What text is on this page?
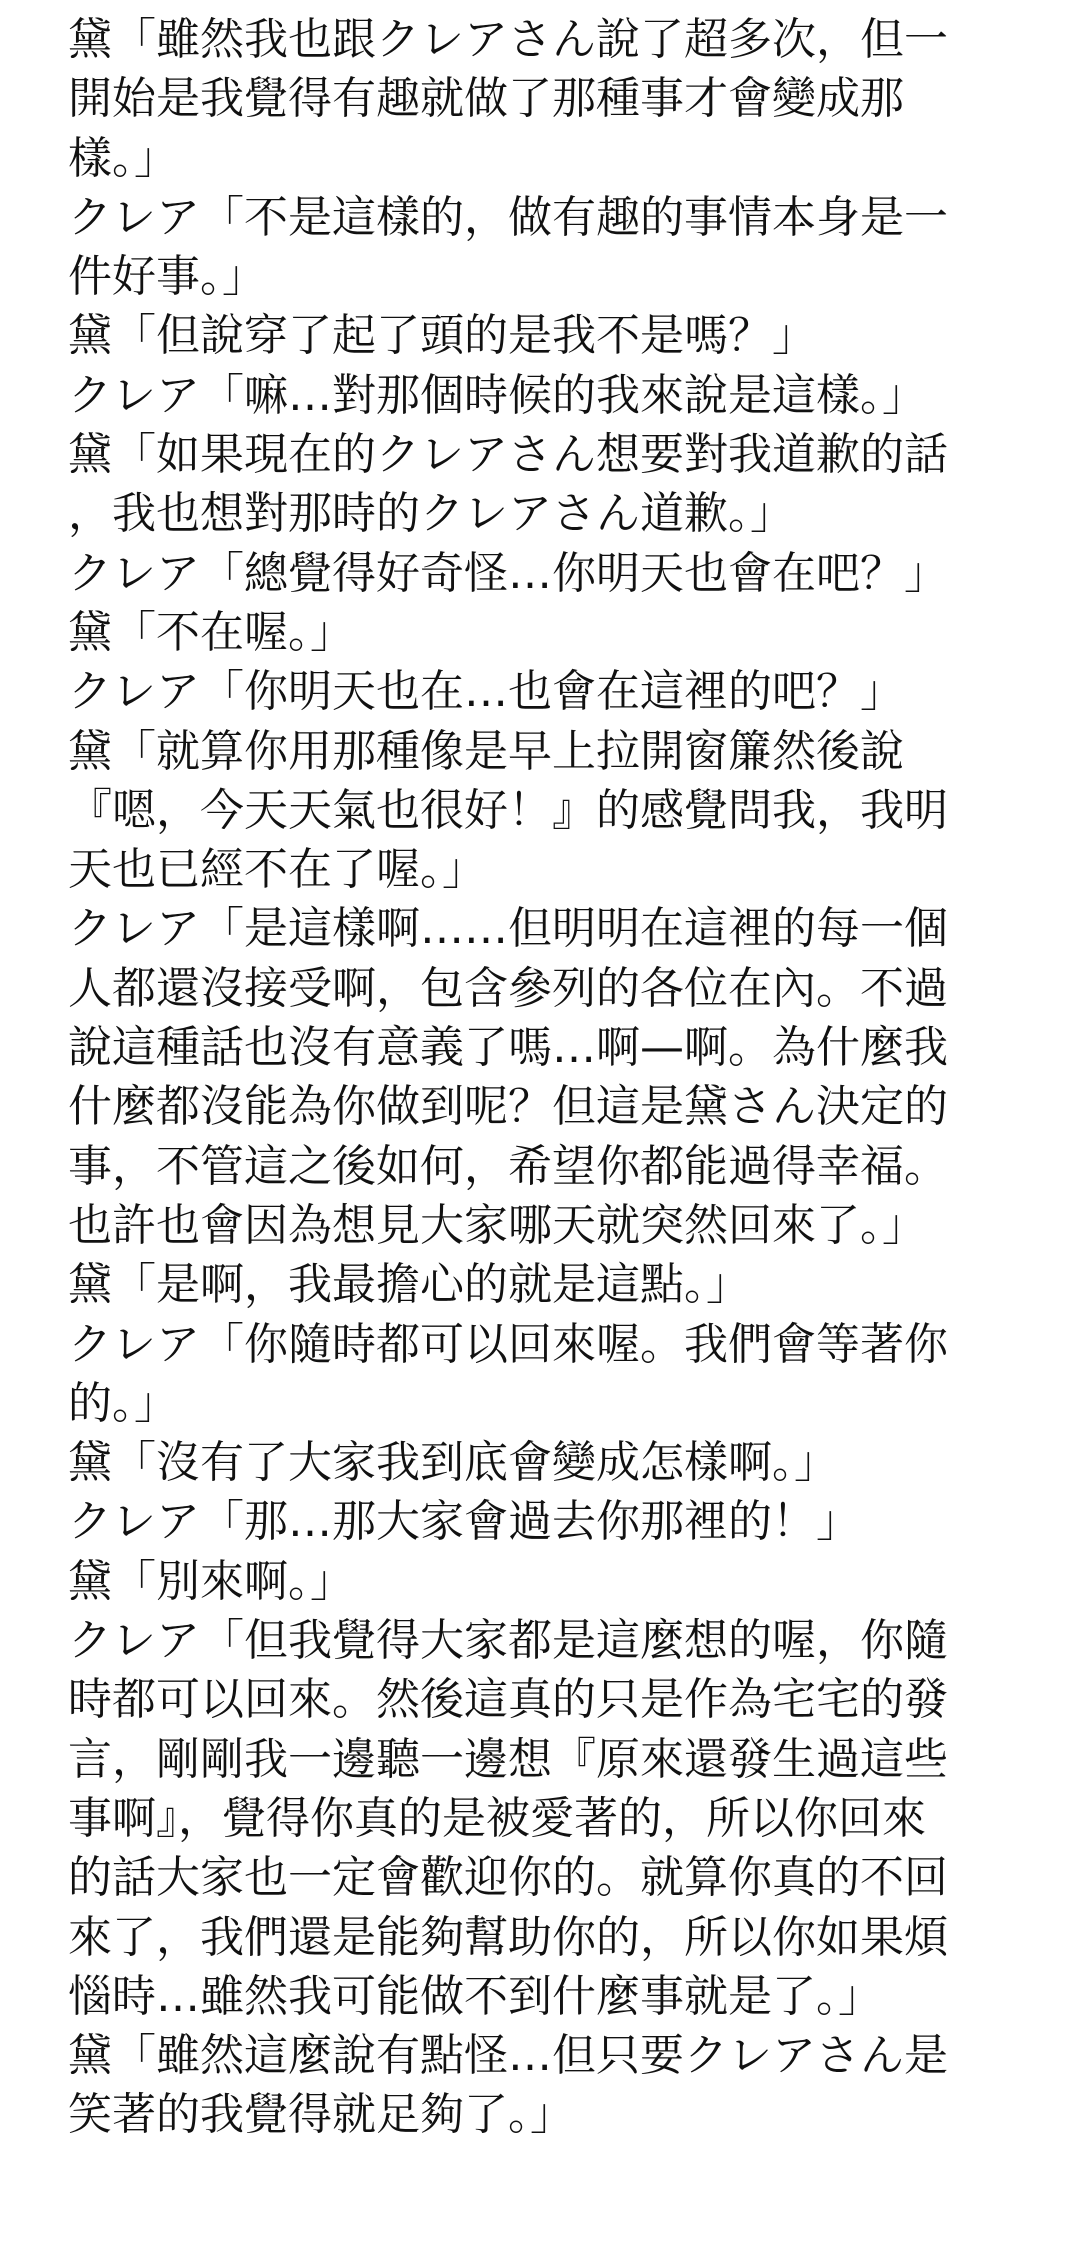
黛「雖然我也跟クレアさん說了超多次，但一
開始是我覺得有趣就做了那種事才會變成那
樣。」
クレア「不是這樣的，做有趣的事情本身是一
件好事。」
黛「但說穿了起了頭的是我不是嗎？」
クレア「嘛…對那個時候的我來說是這樣。」
黛「如果現在的クレアさん想要對我道歉的話
，我也想對那時的クレアさん道歉。」
クレア「總覺得好奇怪…你明天也會在吧？」
黛「不在喔。」
クレア「你明天也在…也會在這裡的吧？」
黛「就算你用那種像是早上拉開窗簾然後說
『嗯，今天天氣也很好！』的感覺問我，我明
天也已經不在了喔。」
クレア「是這樣啊……但明明在這裡的每一個
人都還沒接受啊，包含參列的各位在內。不過
說這種話也沒有意義了嗎…啊—啊。為什麼我
什麼都沒能為你做到呢？但這是黛さん決定的
事，不管這之後如何，希望你都能過得幸福。
也許也會因為想見大家哪天就突然回來了。」
黛「是啊，我最擔心的就是這點。」
クレア「你隨時都可以回來喔。我們會等著你
的。」
黛「沒有了大家我到底會變成怎樣啊。」
クレア「那…那大家會過去你那裡的！」
黛「別來啊。」
クレア「但我覺得大家都是這麼想的喔，你隨
時都可以回來。然後這真的只是作為宅宅的發
言，剛剛我一邊聽一邊想『原來還發生過這些
事啊』，覺得你真的是被愛著的，所以你回來
的話大家也一定會歡迎你的。就算你真的不回
來了，我們還是能夠幫助你的，所以你如果煩
惱時…雖然我可能做不到什麼事就是了。」
黛「雖然這麼說有點怪…但只要クレアさん是
笑著的我覺得就足夠了。」
